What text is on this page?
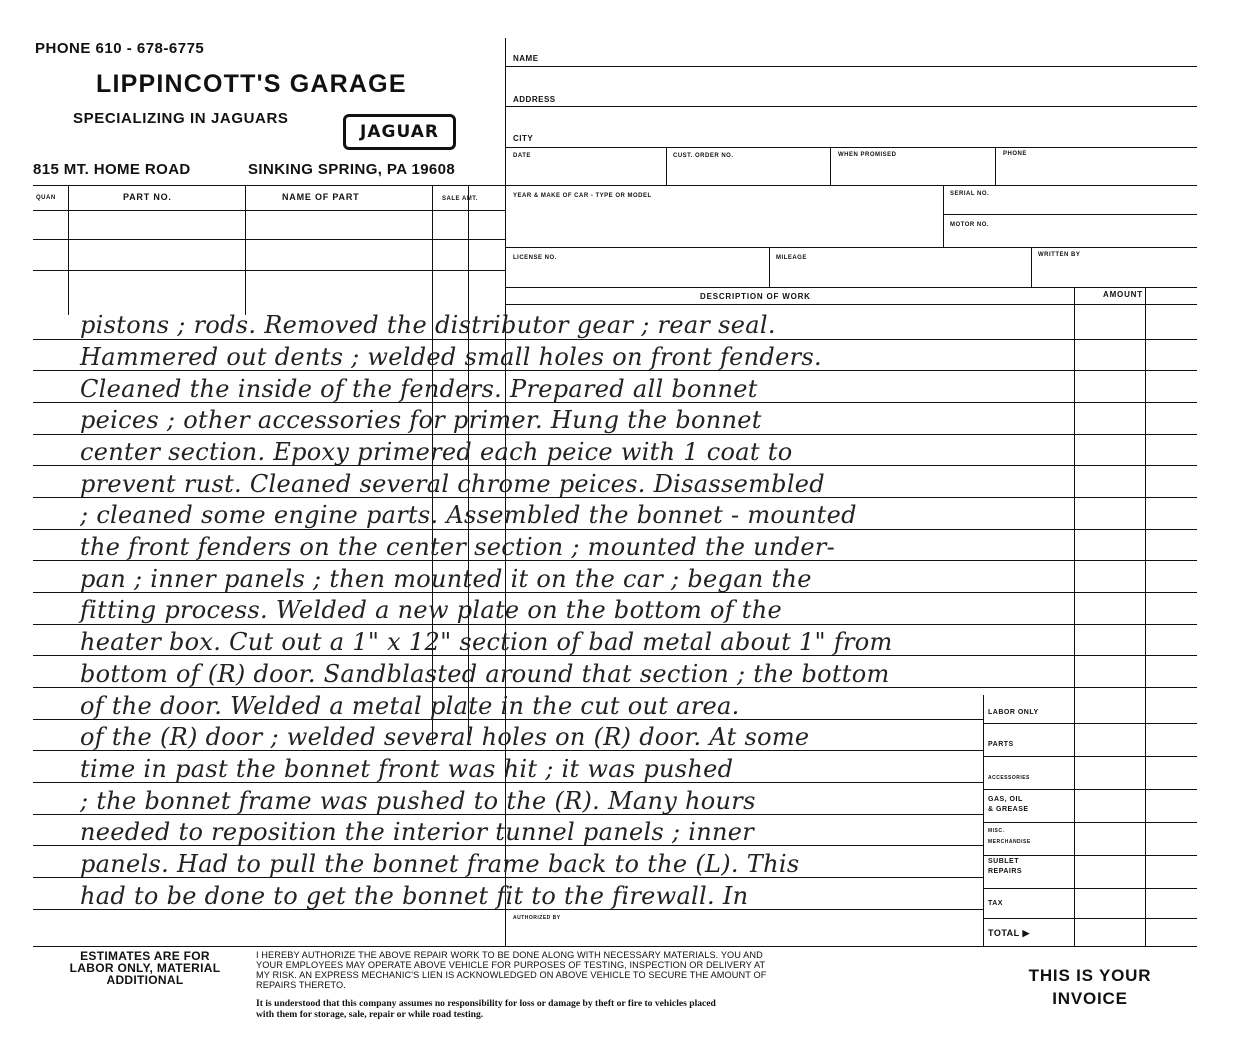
PHONE 610 - 678-6775
LIPPINCOTT'S GARAGE
SPECIALIZING IN JAGUARS
JAGUAR
815 MT. HOME ROAD	SINKING SPRING, PA 19608
QUAN	PART NO.	NAME OF PART	SALE AMT.
NAME
ADDRESS
CITY
DATE	CUST. ORDER NO.	WHEN PROMISED	PHONE
YEAR & MAKE OF CAR - TYPE OR MODEL	SERIAL NO.
MOTOR NO.
LICENSE NO.	MILEAGE	WRITTEN BY
DESCRIPTION OF WORK	AMOUNT
LABOR ONLY
PARTS
ACCESSORIES
GAS, OIL
& GREASE
MISC.
MERCHANDISE
SUBLET
REPAIRS
TAX
TOTAL ▶
AUTHORIZED BY
pistons ; rods. Removed the distributor gear ; rear seal.
Hammered out dents ; welded small holes on front fenders.
Cleaned the inside of the fenders. Prepared all bonnet
peices ; other accessories for primer. Hung the bonnet
center section. Epoxy primered each peice with 1 coat to
prevent rust. Cleaned several chrome peices. Disassembled
; cleaned some engine parts. Assembled the bonnet - mounted
the front fenders on the center section ; mounted the under-
pan ; inner panels ; then mounted it on the car ; began the
fitting process. Welded a new plate on the bottom of the
heater box. Cut out a 1" x 12" section of bad metal about 1" from
bottom of (R) door. Sandblasted around that section ; the bottom
of the door. Welded a metal plate in the cut out area.
of the (R) door ; welded several holes on (R) door. At some
time in past the bonnet front was hit ; it was pushed
; the bonnet frame was pushed to the (R). Many hours
needed to reposition the interior tunnel panels ; inner
panels. Had to pull the bonnet frame back to the (L). This
had to be done to get the bonnet fit to the firewall. In
ESTIMATES ARE FOR
LABOR ONLY, MATERIAL
ADDITIONAL
I HEREBY AUTHORIZE THE ABOVE REPAIR WORK TO BE DONE ALONG WITH NECESSARY MATERIALS. YOU AND
YOUR EMPLOYEES MAY OPERATE ABOVE VEHICLE FOR PURPOSES OF TESTING, INSPECTION OR DELIVERY AT
MY RISK. AN EXPRESS MECHANIC'S LIEN IS ACKNOWLEDGED ON ABOVE VEHICLE TO SECURE THE AMOUNT OF
REPAIRS THERETO.
It is understood that this company assumes no responsibility for loss or damage by theft or fire to vehicles placed
with them for storage, sale, repair or while road testing.
THIS IS YOUR
INVOICE
